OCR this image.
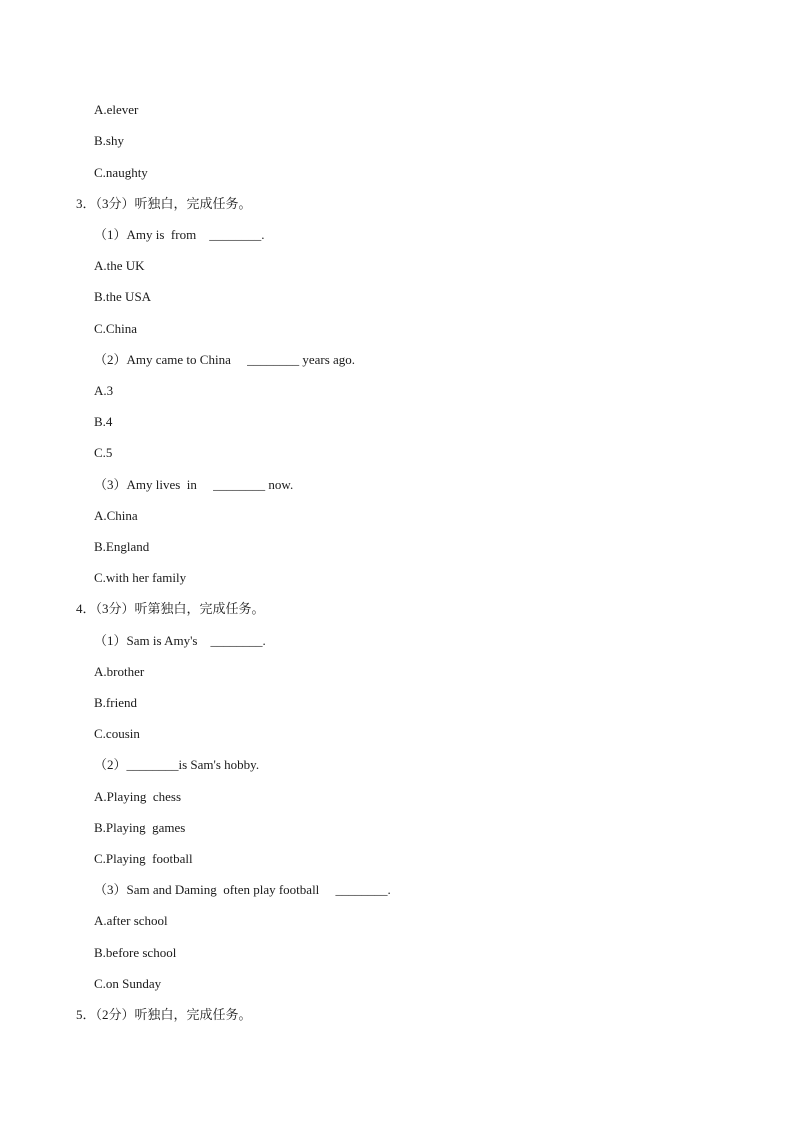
A.elever
B.shy
C.naughty
3．（3分）听独白，完成任务。
（1）Amy is  from    ________.
A.the UK
B.the USA
C.China
（2）Amy came to China     ________ years ago.
A.3
B.4
C.5
（3）Amy lives  in     ________ now.
A.China
B.England
C.with her family
4．（3分）听第独白，完成任务。
（1）Sam is Amy's    ________.
A.brother
B.friend
C.cousin
（2）________is Sam's hobby.
A.Playing  chess
B.Playing  games
C.Playing  football
（3）Sam and Daming  often play football     ________.
A.after school
B.before school
C.on Sunday
5．（2分）听独白，完成任务。
